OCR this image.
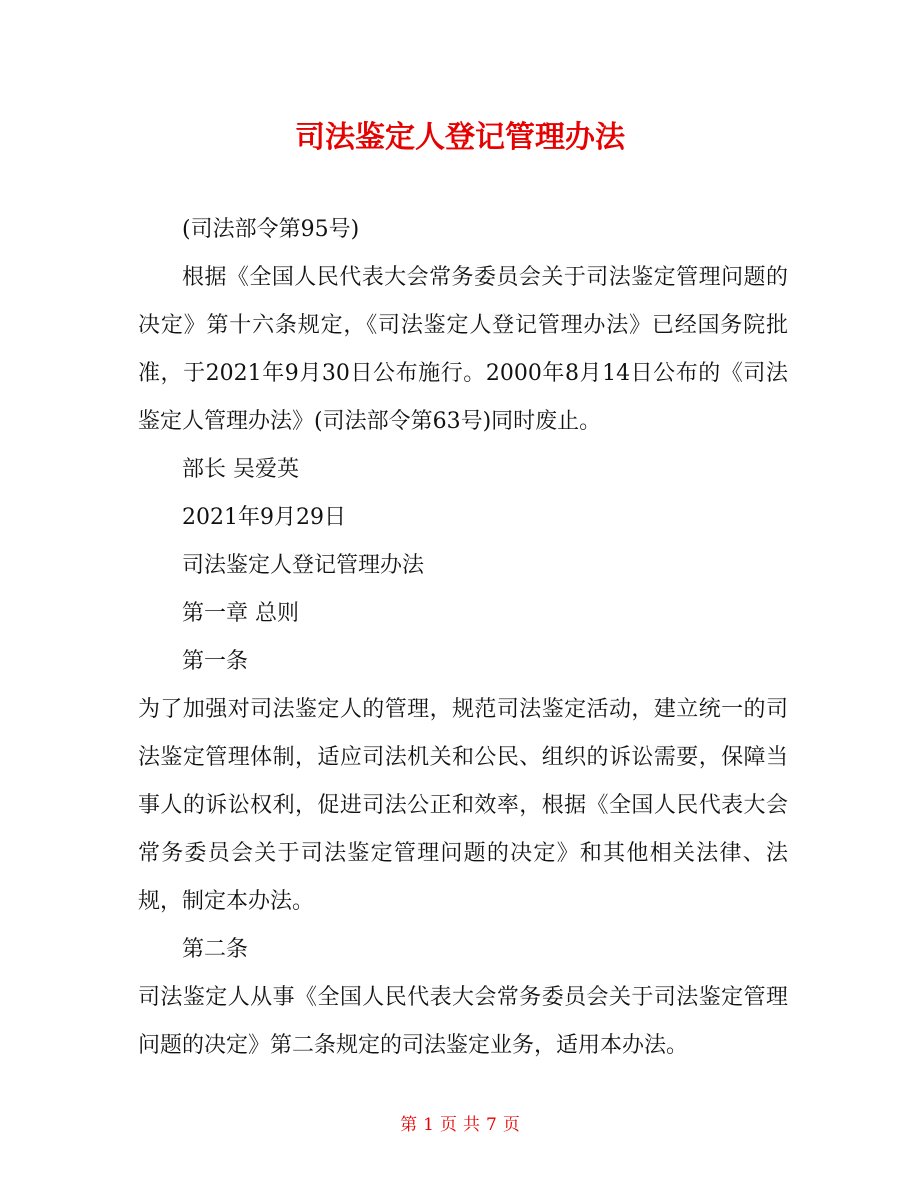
司法鉴定人登记管理办法

(司法部令第95号)

根据《全国人民代表大会常务委员会关于司法鉴定管理问题的决定》第十六条规定，《司法鉴定人登记管理办法》已经国务院批准，于2021年9月30日公布施行。2000年8月14日公布的《司法鉴定人管理办法》(司法部令第63号)同时废止。

部长 吴爱英

2021年9月29日

司法鉴定人登记管理办法

第一章 总则

第一条

为了加强对司法鉴定人的管理，规范司法鉴定活动，建立统一的司法鉴定管理体制，适应司法机关和公民、组织的诉讼需要，保障当事人的诉讼权利，促进司法公正和效率，根据《全国人民代表大会常务委员会关于司法鉴定管理问题的决定》和其他相关法律、法规，制定本办法。

第二条

司法鉴定人从事《全国人民代表大会常务委员会关于司法鉴定管理问题的决定》第二条规定的司法鉴定业务，适用本办法。

第 1 页 共 7 页
